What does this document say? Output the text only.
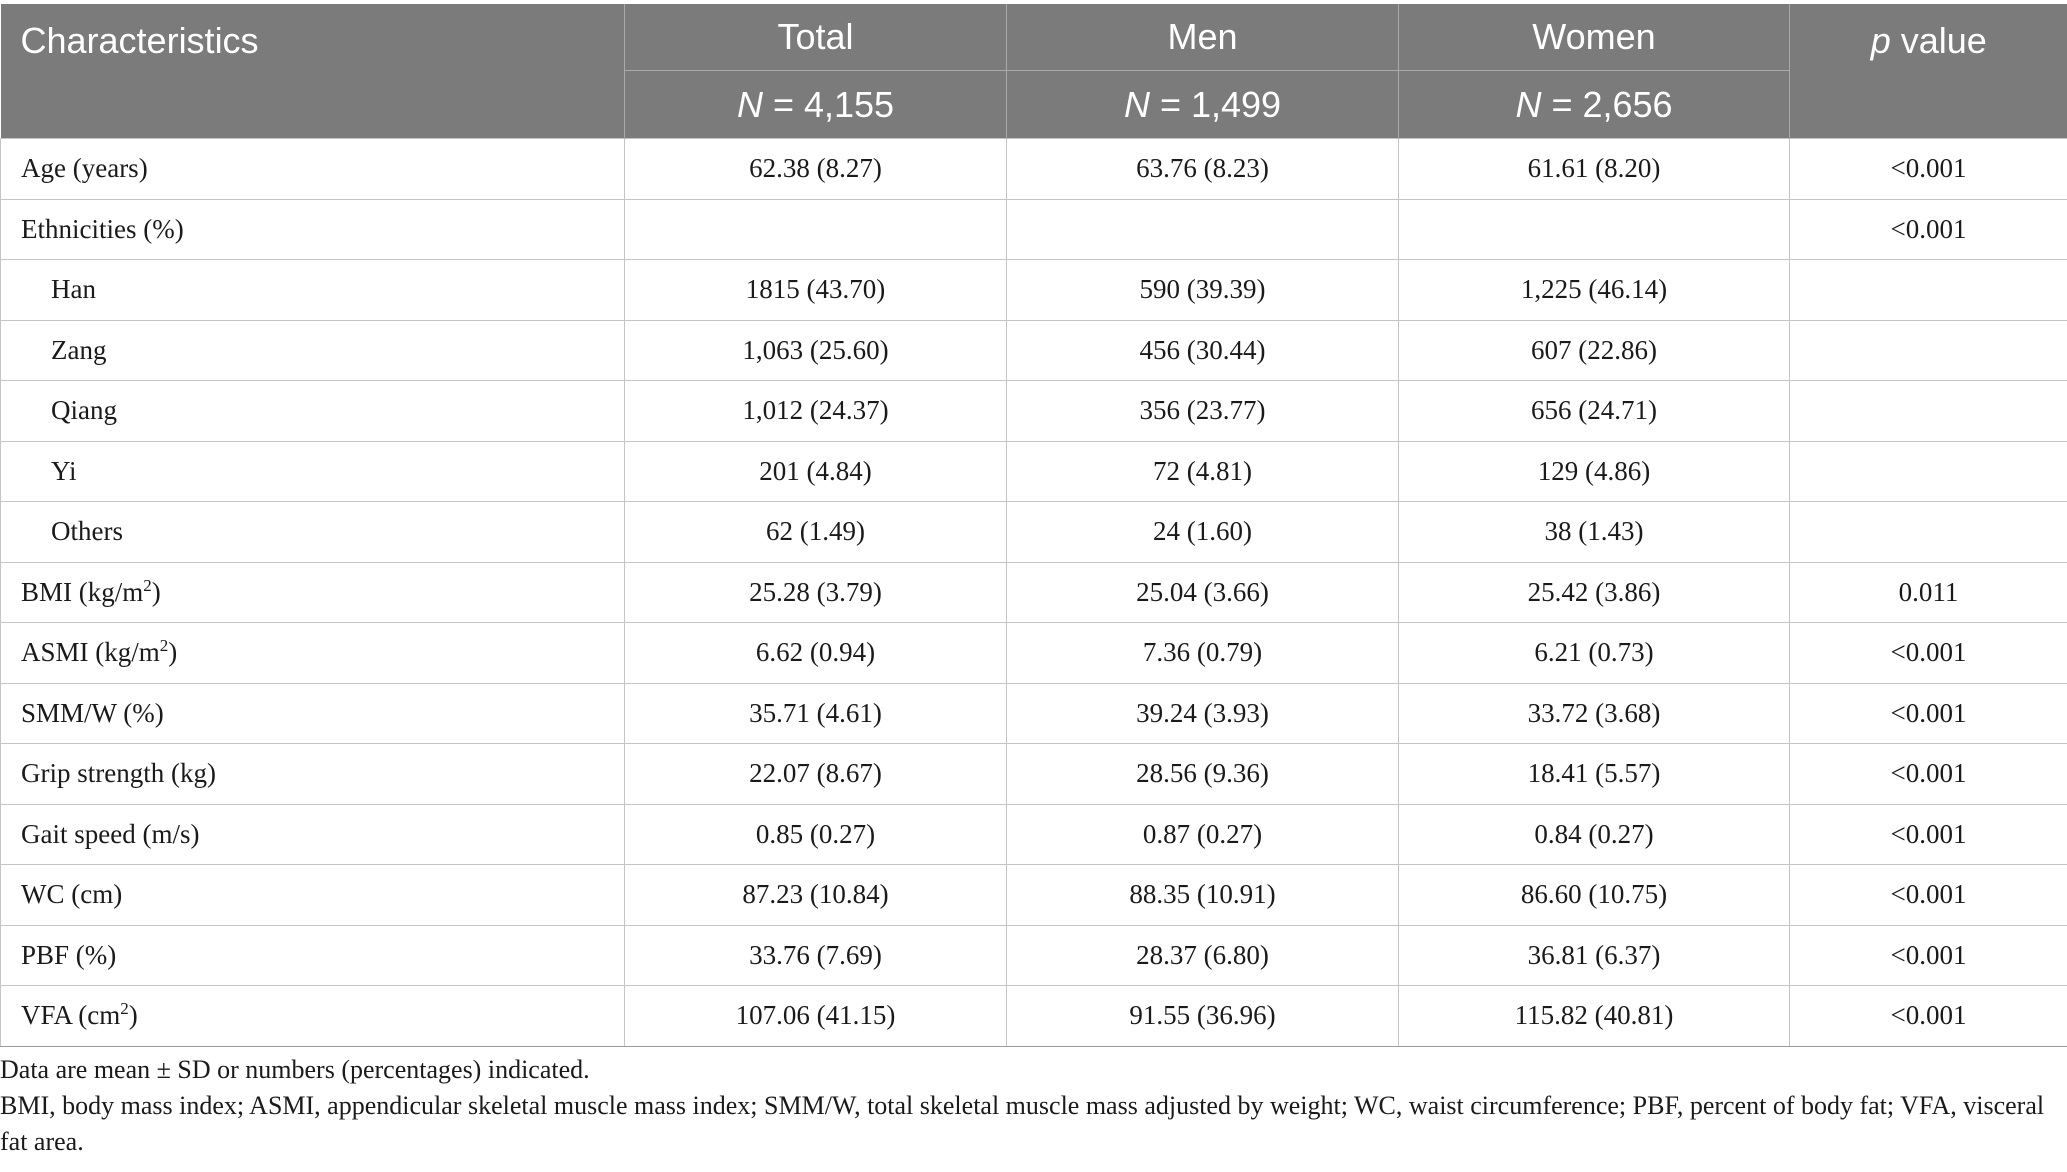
Characteristics	Total	Men	Women	p value
	N = 4,155	N = 1,499	N = 2,656	
Age (years)	62.38 (8.27)	63.76 (8.23)	61.61 (8.20)	<0.001
Ethnicities (%)				<0.001
Han	1815 (43.70)	590 (39.39)	1,225 (46.14)	
Zang	1,063 (25.60)	456 (30.44)	607 (22.86)	
Qiang	1,012 (24.37)	356 (23.77)	656 (24.71)	
Yi	201 (4.84)	72 (4.81)	129 (4.86)	
Others	62 (1.49)	24 (1.60)	38 (1.43)	
BMI $(kg/m^2)$	25.28 (3.79)	25.04 (3.66)	25.42 (3.86)	0.011
ASMI $(kg/m^2)$	6.62 (0.94)	7.36 (0.79)	6.21 (0.73)	<0.001
SMM/W (%)	35.71 (4.61)	39.24 (3.93)	33.72 (3.68)	<0.001
Grip strength (kg)	22.07 (8.67)	28.56 (9.36)	18.41 (5.57)	<0.001
Gait speed (m/s)	0.85 (0.27)	0.87 (0.27)	0.84 (0.27)	<0.001
WC (cm)	87.23 (10.84)	88.35 (10.91)	86.60 (10.75)	<0.001
PBF (%)	33.76 (7.69)	28.37 (6.80)	36.81 (6.37)	<0.001
VFA $(cm^2)$	107.06 (41.15)	91.55 (36.96)	115.82 (40.81)	<0.001

Data are mean ± SD or numbers (percentages) indicated.

BMI, body mass index; ASMI, appendicular skeletal muscle mass index; SMM/W, total skeletal muscle mass adjusted by weight; WC, waist circumference; PBF, percent of body fat; VFA, visceral fat area.
